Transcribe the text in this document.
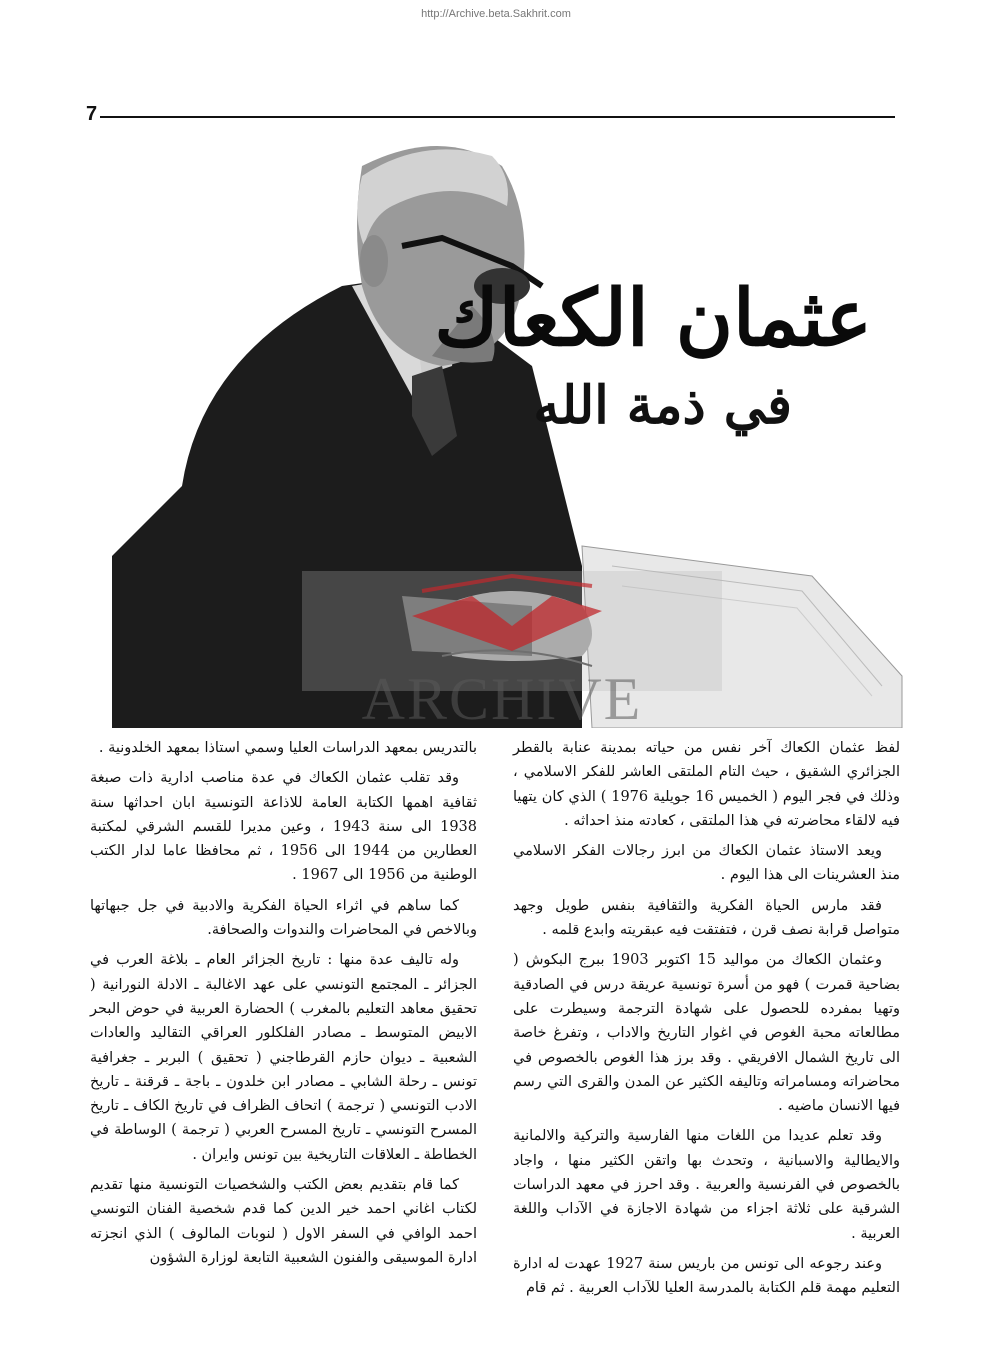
http://Archive.beta.Sakhrit.com
7
عثمان الكعاك
في ذمة الله
ARCHIVE

لفظ عثمان الكعاك آخر نفس من حياته بمدينة عنابة بالقطر الجزائري الشقيق ، حيث التام الملتقى العاشر للفكر الاسلامي ، وذلك في فجر اليوم ( الخميس 16 جويلية 1976 ) الذي كان يتهيا فيه لالقاء محاضرته في هذا الملتقى ، كعادته منذ احداثه .

ويعد الاستاذ عثمان الكعاك من ابرز رجالات الفكر الاسلامي منذ العشرينات الى هذا اليوم .

فقد مارس الحياة الفكرية والثقافية بنفس طويل وجهد متواصل قرابة نصف قرن ، فتفتقت فيه عبقريته وابدع قلمه .

وعثمان الكعاك من مواليد 15 اكتوبر 1903 ببرج البكوش ( بضاحية قمرت ) فهو من أسرة تونسية عريقة درس في الصادقية وتهيا بمفرده للحصول على شهادة الترجمة وسيطرت على مطالعاته محبة الغوص في اغوار التاريخ والاداب ، وتفرغ خاصة الى تاريخ الشمال الافريقي . وقد برز هذا الغوص بالخصوص في محاضراته ومسامراته وتاليفه الكثير عن المدن والقرى التي رسم فيها الانسان ماضيه .

وقد تعلم عديدا من اللغات منها الفارسية والتركية والالمانية والايطالية والاسبانية ، وتحدث بها واتقن الكثير منها ، واجاد بالخصوص في الفرنسية والعربية . وقد احرز في معهد الدراسات الشرقية على ثلاثة اجزاء من شهادة الاجازة في الآداب واللغة العربية .

وعند رجوعه الى تونس من باريس سنة 1927 عهدت له ادارة التعليم مهمة قلم الكتابة بالمدرسة العليا للآداب العربية . ثم قام

بالتدريس بمعهد الدراسات العليا وسمي استاذا بمعهد الخلدونية .

وقد تقلب عثمان الكعاك في عدة مناصب ادارية ذات صبغة ثقافية اهمها الكتابة العامة للاذاعة التونسية ابان احداثها سنة 1938 الى سنة 1943 ، وعين مديرا للقسم الشرقي لمكتبة العطارين من 1944 الى 1956 ، ثم محافظا عاما لدار الكتب الوطنية من 1956 الى 1967 .

كما ساهم في اثراء الحياة الفكرية والادبية في جل جبهاتها وبالاخص في المحاضرات والندوات والصحافة.

وله تاليف عدة منها : تاريخ الجزائر العام ـ بلاغة العرب في الجزائر ـ المجتمع التونسي على عهد الاغالبة ـ الادلة النورانية ( تحقيق معاهد التعليم بالمغرب ) الحضارة العربية في حوض البحر الابيض المتوسط ـ مصادر الفلكلور العراقي التقاليد والعادات الشعبية ـ ديوان حازم القرطاجني ( تحقيق ) البربر ـ جغرافية تونس ـ رحلة الشابي ـ مصادر ابن خلدون ـ باجة ـ قرقنة ـ تاريخ الادب التونسي ( ترجمة ) اتحاف الظراف في تاريخ الكاف ـ تاريخ المسرح التونسي ـ تاريخ المسرح العربي ( ترجمة ) الوساطة في الخطاطة ـ العلاقات التاريخية بين تونس وايران .

كما قام بتقديم بعض الكتب والشخصيات التونسية منها تقديم لكتاب اغاني احمد خير الدين كما قدم شخصية الفنان التونسي احمد الوافي في السفر الاول ( لنوبات المالوف ) الذي انجزته ادارة الموسيقى والفنون الشعبية التابعة لوزارة الشؤون
